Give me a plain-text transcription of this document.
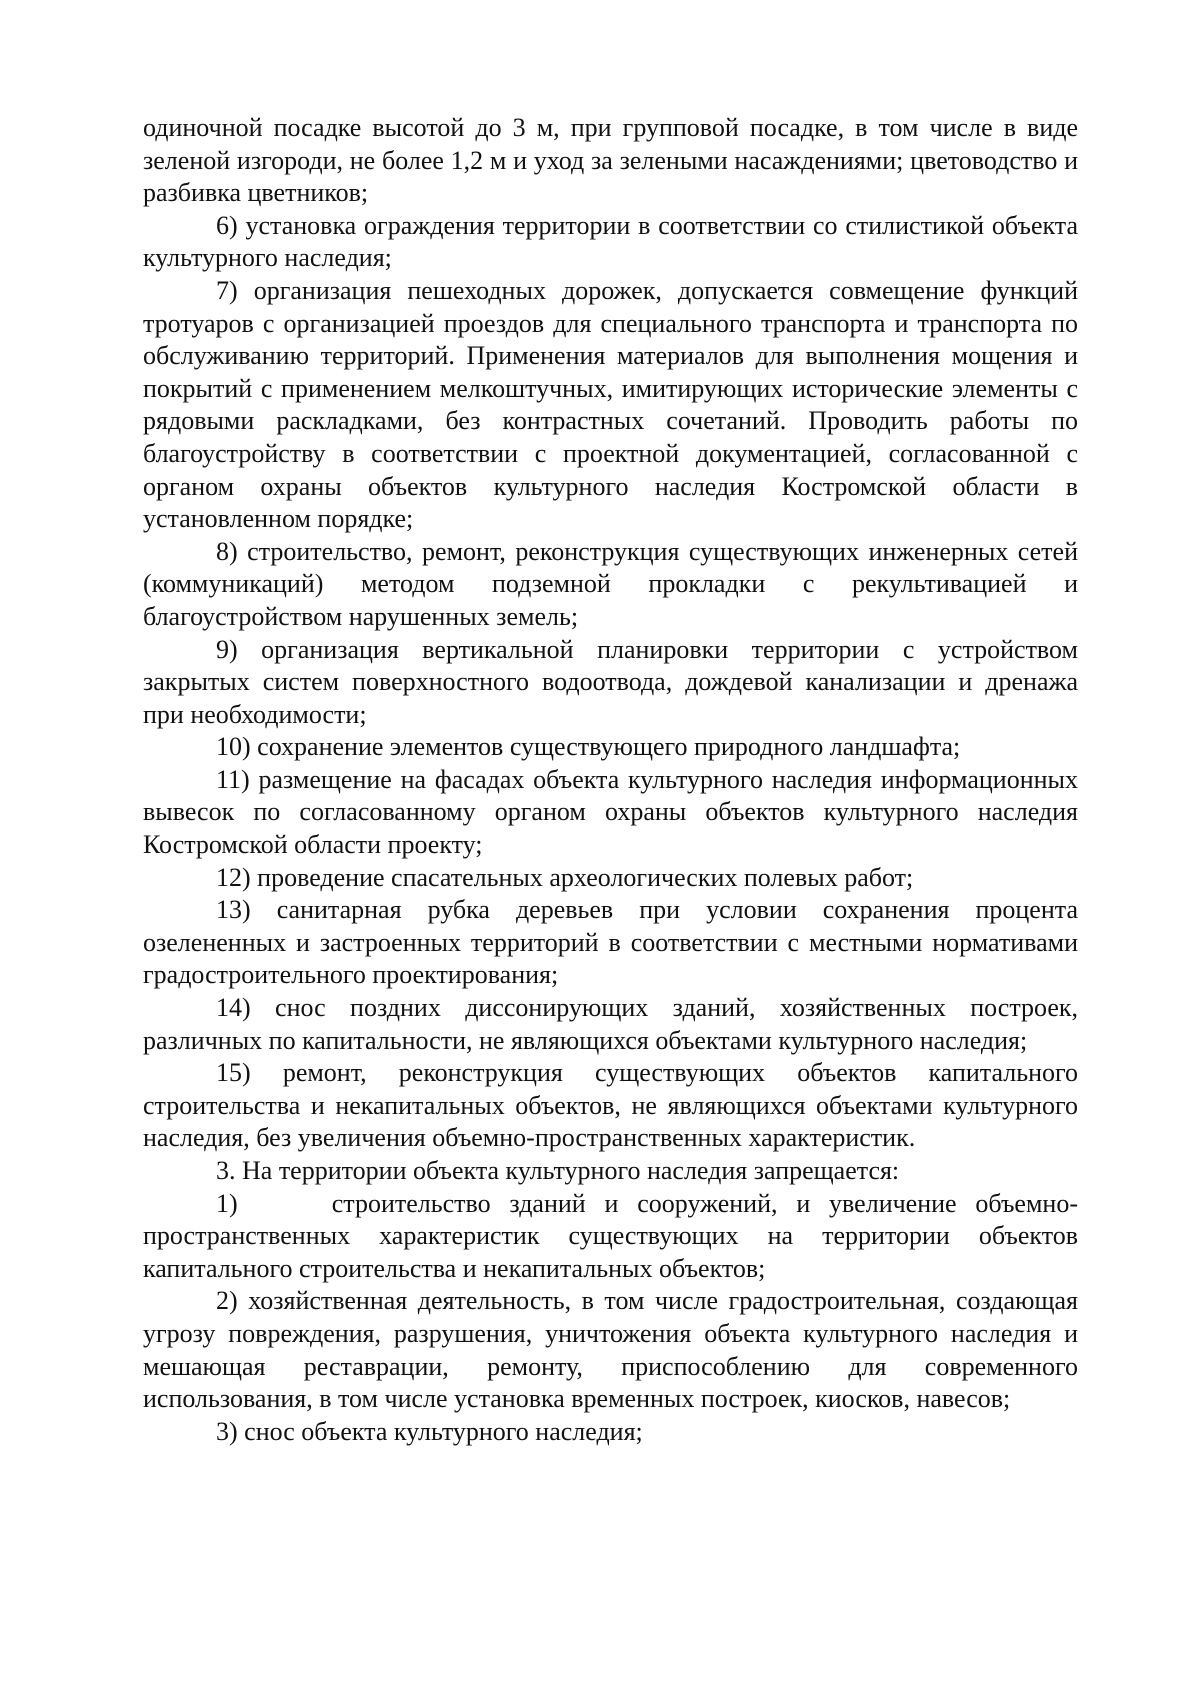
одиночной посадке высотой до 3 м, при групповой посадке, в том числе в виде зеленой изгороди, не более 1,2 м и уход за зелеными насаждениями; цветоводство и разбивка цветников;

6) установка ограждения территории в соответствии со стилистикой объекта культурного наследия;

7) организация пешеходных дорожек, допускается совмещение функций тротуаров с организацией проездов для специального транспорта и транспорта по обслуживанию территорий. Применения материалов для выполнения мощения и покрытий с применением мелкоштучных, имитирующих исторические элементы с рядовыми раскладками, без контрастных сочетаний. Проводить работы по благоустройству в соответствии с проектной документацией, согласованной с органом охраны объектов культурного наследия Костромской области в установленном порядке;

8) строительство, ремонт, реконструкция существующих инженерных сетей (коммуникаций) методом подземной прокладки с рекультивацией и благоустройством нарушенных земель;

9) организация вертикальной планировки территории с устройством закрытых систем поверхностного водоотвода, дождевой канализации и дренажа при необходимости;

10) сохранение элементов существующего природного ландшафта;

11) размещение на фасадах объекта культурного наследия информационных вывесок по согласованному органом охраны объектов культурного наследия Костромской области проекту;

12) проведение спасательных археологических полевых работ;

13) санитарная рубка деревьев при условии сохранения процента озелененных и застроенных территорий в соответствии с местными нормативами градостроительного проектирования;

14) снос поздних диссонирующих зданий, хозяйственных построек, различных по капитальности, не являющихся объектами культурного наследия;

15) ремонт, реконструкция существующих объектов капитального строительства и некапитальных объектов, не являющихся объектами культурного наследия, без увеличения объемно-пространственных характеристик.

3. На территории объекта культурного наследия запрещается:

1)     строительство зданий и сооружений, и увеличение объемно-пространственных характеристик существующих на территории объектов капитального строительства и некапитальных объектов;

2) хозяйственная деятельность, в том числе градостроительная, создающая угрозу повреждения, разрушения, уничтожения объекта культурного наследия и мешающая реставрации, ремонту, приспособлению для современного использования, в том числе установка временных построек, киосков, навесов;

3) снос объекта культурного наследия;
